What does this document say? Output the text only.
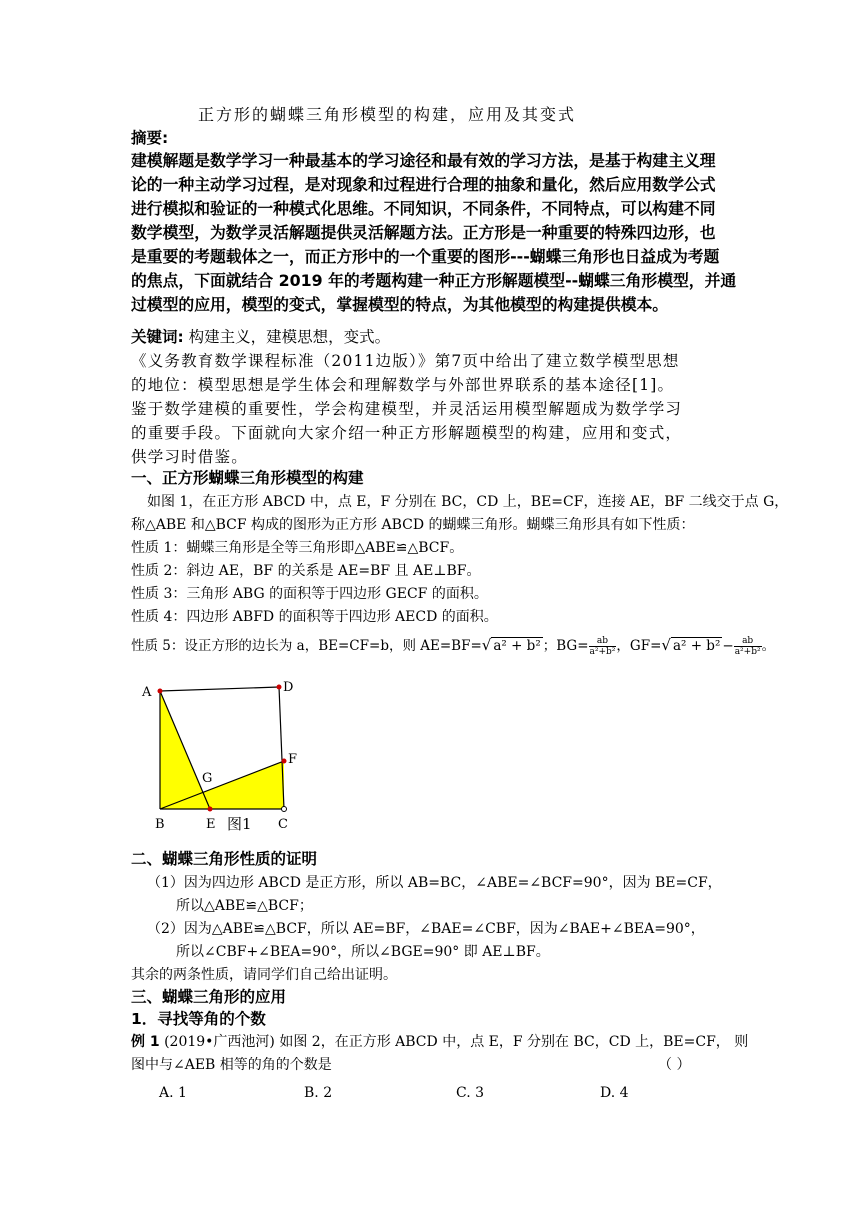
正方形的蝴蝶三角形模型的构建，应用及其变式
摘要:
建模解题是数学学习一种最基本的学习途径和最有效的学习方法，是基于构建主义理
论的一种主动学习过程，是对现象和过程进行合理的抽象和量化，然后应用数学公式
进行模拟和验证的一种模式化思维。不同知识，不同条件，不同特点，可以构建不同
数学模型，为数学灵活解题提供灵活解题方法。正方形是一种重要的特殊四边形，也
是重要的考题载体之一，而正方形中的一个重要的图形---蝴蝶三角形也日益成为考题
的焦点，下面就结合 2019 年的考题构建一种正方形解题模型--蝴蝶三角形模型，并通
过模型的应用，模型的变式，掌握模型的特点，为其他模型的构建提供模本。
关键词: 构建主义，建模思想，变式。
《义务教育数学课程标准（2011边版）》第7页中给出了建立数学模型思想
的地位：模型思想是学生体会和理解数学与外部世界联系的基本途径[1]。
鉴于数学建模的重要性，学会构建模型，并灵活运用模型解题成为数学学习
的重要手段。下面就向大家介绍一种正方形解题模型的构建，应用和变式，
供学习时借鉴。
一、正方形蝴蝶三角形模型的构建
如图 1，在正方形 ABCD 中，点 E，F 分别在 BC，CD 上，BE=CF，连接 AE，BF 二线交于点 G，
称△ABE 和△BCF 构成的图形为正方形 ABCD 的蝴蝶三角形。蝴蝶三角形具有如下性质：
性质 1：蝴蝶三角形是全等三角形即△ABE≌△BCF。
性质 2：斜边 AE，BF 的关系是 AE=BF 且 AE⊥BF。
性质 3：三角形 ABG 的面积等于四边形 GECF 的面积。
性质 4：四边形 ABFD 的面积等于四边形 AECD 的面积。
性质 5：设正方形的边长为 a，BE=CF=b，则 AE=BF=√ a² + b² ；$BG= \frac{ab}{\text{a²+b²}}$ ，GF=√ $a^2 + b^2 - \frac{ab}{\text{a²+b²}}$ 。
A	D
F
G
B	E 图1 C
二、蝴蝶三角形性质的证明
（1）因为四边形 ABCD 是正方形，所以 AB=BC，∠ABE=∠BCF=90°，因为 BE=CF，
所以△ABE≌△BCF；
（2）因为△ABE≌△BCF，所以 AE=BF，∠BAE=∠CBF，因为∠BAE+∠BEA=90°，
所以∠CBF+∠BEA=90°，所以∠BGE=90° 即 AE⊥BF。
其余的两条性质，请同学们自己给出证明。
三、蝴蝶三角形的应用
1．寻找等角的个数
例 1 (2019•广西池河) 如图 2，在正方形 ABCD 中，点 E，F 分别在 BC，CD 上，BE=CF， 则
图中与∠AEB 相等的角的个数是	（ ）
A. 1	B. 2	C. 3	D. 4
